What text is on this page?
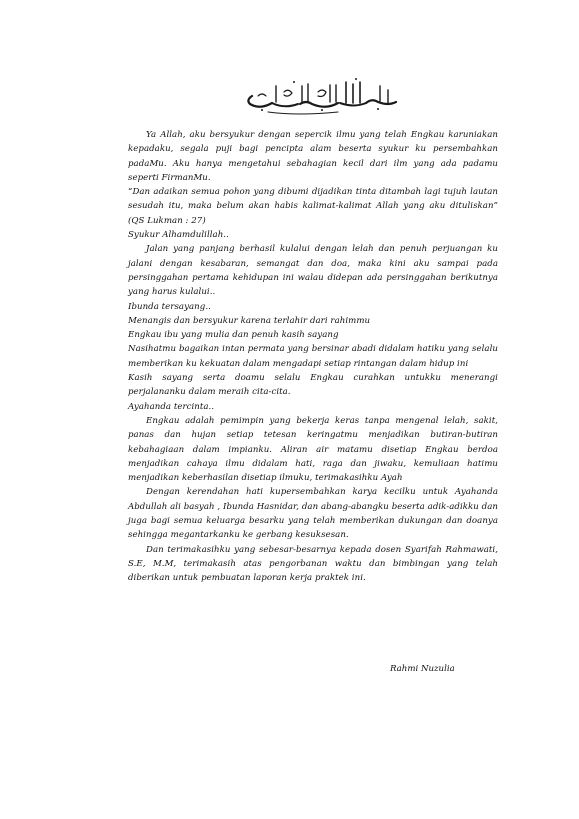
Ya Allah, aku bersyukur dengan sepercik ilmu yang telah Engkau karuniakan kepadaku, segala puji bagi pencipta alam beserta syukur ku persembahkan padaMu. Aku hanya mengetahui sebahagian kecil dari ilm yang ada padamu seperti FirmanMu.

“Dan adaikan semua pohon yang dibumi dijadikan tinta ditambah lagi tujuh lautan sesudah itu, maka belum akan habis kalimat-kalimat Allah yang aku dituliskan” (QS Lukman : 27)

Syukur Alhamdulillah..

Jalan yang panjang berhasil kulalui dengan lelah dan penuh perjuangan ku jalani dengan kesabaran, semangat dan doa, maka kini aku sampai pada persinggahan pertama kehidupan ini walau didepan ada persinggahan berikutnya yang harus kulalui..

Ibunda tersayang..

Menangis dan bersyukur karena terlahir dari rahimmu

Engkau ibu yang mulia dan penuh kasih sayang

Nasihatmu bagaikan intan permata yang bersinar abadi didalam hatiku yang selalu memberikan ku kekuatan dalam mengadapi setiap rintangan dalam hidup ini

Kasih sayang serta doamu selalu Engkau curahkan untukku menerangi perjalananku dalam meraih cita-cita.

Ayahanda tercinta..

Engkau adalah pemimpin yang bekerja keras tanpa mengenal lelah, sakit, panas dan hujan setiap tetesan keringatmu menjadikan butiran-butiran kebahagiaan dalam impianku. Aliran air matamu disetiap Engkau berdoa menjadikan cahaya ilmu didalam hati, raga dan jiwaku, kemuliaan hatimu menjadikan keberhasilan disetiap ilmuku, terimakasihku Ayah

Dengan kerendahan hati kupersembahkan karya kecilku untuk Ayahanda Abdullah ali basyah , Ibunda Hasnidar, dan abang-abangku beserta adik-adikku dan juga bagi semua keluarga besarku yang telah memberikan dukungan dan doanya sehingga megantarkanku ke gerbang kesuksesan.

Dan terimakasihku yang sebesar-besarnya kepada dosen Syarifah Rahmawati, S.E, M.M, terimakasih atas pengorbanan waktu dan bimbingan yang telah diberikan untuk pembuatan laporan kerja praktek ini.

Rahmi Nuzulia
